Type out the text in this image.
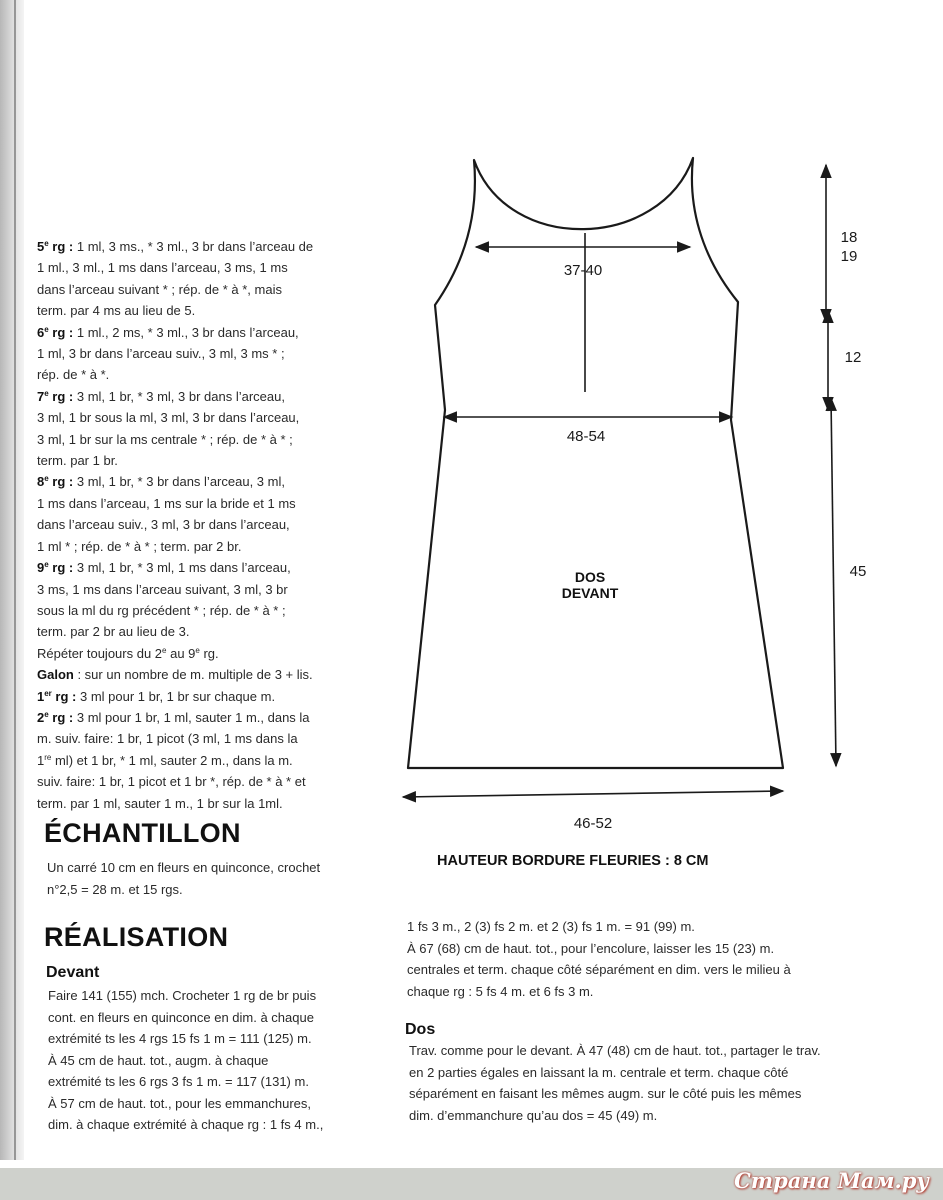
5e rg : 1 ml, 3 ms., * 3 ml., 3 br dans l’arceau de
1 ml., 3 ml., 1 ms dans l’arceau, 3 ms, 1 ms
dans l’arceau suivant * ; rép. de * à *, mais
term. par 4 ms au lieu de 5.
6e rg : 1 ml., 2 ms, * 3 ml., 3 br dans l’arceau,
1 ml, 3 br dans l’arceau suiv., 3 ml, 3 ms * ;
rép. de * à *.
7e rg : 3 ml, 1 br, * 3 ml, 3 br dans l’arceau,
3 ml, 1 br sous la ml, 3 ml, 3 br dans l’arceau,
3 ml, 1 br sur la ms centrale * ; rép. de * à * ;
term. par 1 br.
8e rg : 3 ml, 1 br, * 3 br dans l’arceau, 3 ml,
1 ms dans l’arceau, 1 ms sur la bride et 1 ms
dans l’arceau suiv., 3 ml, 3 br dans l’arceau,
1 ml * ; rép. de * à * ; term. par 2 br.
9e rg : 3 ml, 1 br, * 3 ml, 1 ms dans l’arceau,
3 ms, 1 ms dans l’arceau suivant, 3 ml, 3 br
sous la ml du rg précédent * ; rép. de * à * ;
term. par 2 br au lieu de 3.
Répéter toujours du 2e au 9e rg.
Galon : sur un nombre de m. multiple de 3 + lis.
1er rg : 3 ml pour 1 br, 1 br sur chaque m.
2e rg : 3 ml pour 1 br, 1 ml, sauter 1 m., dans la
m. suiv. faire: 1 br, 1 picot (3 ml, 1 ms dans la
1re ml) et 1 br, * 1 ml, sauter 2 m., dans la m.
suiv. faire: 1 br, 1 picot et 1 br *, rép. de * à * et
term. par 1 ml, sauter 1 m., 1 br sur la 1ml.
ÉCHANTILLON
Un carré 10 cm en fleurs en quinconce, crochet
n°2,5 = 28 m. et 15 rgs.
RÉALISATION
Devant
Faire 141 (155) mch. Crocheter 1 rg de br puis
cont. en fleurs en quinconce en dim. à chaque
extrémité ts les 4 rgs 15 fs 1 m = 111 (125) m.
À 45 cm de haut. tot., augm. à chaque
extrémité ts les 6 rgs 3 fs 1 m. = 117 (131) m.
À 57 cm de haut. tot., pour les emmanchures,
dim. à chaque extrémité à chaque rg : 1 fs 4 m.,
1 fs 3 m., 2 (3) fs 2 m. et 2 (3) fs 1 m. = 91 (99) m.
À 67 (68) cm de haut. tot., pour l’encolure, laisser les 15 (23) m.
centrales et term. chaque côté séparément en dim. vers le milieu à
chaque rg : 5 fs 4 m. et 6 fs 3 m.
Dos
Trav. comme pour le devant. À 47 (48) cm de haut. tot., partager le trav.
en 2 parties égales en laissant la m. centrale et term. chaque côté
séparément en faisant les mêmes augm. sur le côté puis les mêmes
dim. d’emmanchure qu’au dos = 45 (49) m.
37-40
48-54
46-52
18
19
12
45
DOS
DEVANT
HAUTEUR BORDURE FLEURIES : 8 CM
Страна Мам.ру
